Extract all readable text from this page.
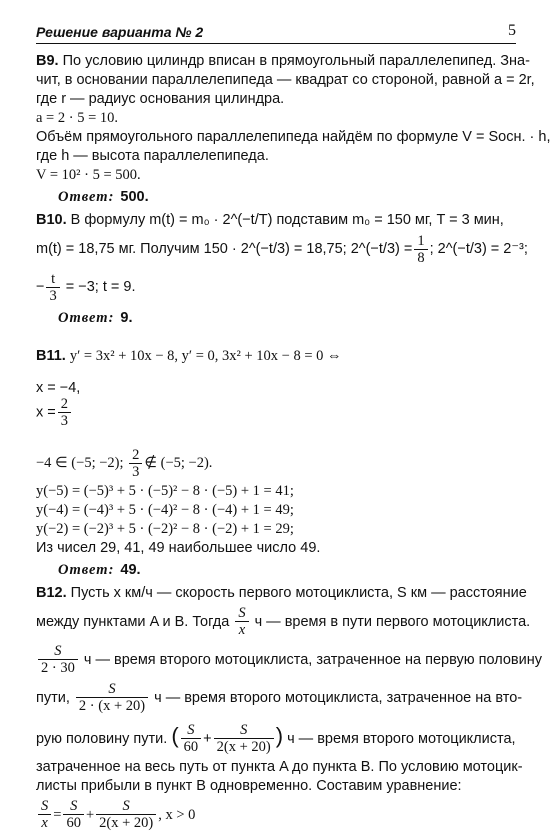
Решение варианта № 2	5

В9. По условию цилиндр вписан в прямоугольный параллелепипед. Зна-

чит, в основании параллелепипеда — квадрат со стороной, равной a = 2r,

где r — радиус основания цилиндра.

a = 2 · 5 = 10.

Объём прямоугольного параллелепипеда найдём по формуле V = Sосн. · h,

где h — высота параллелепипеда.

V = 10² · 5 = 500.

Ответ: 500.

В10. В формулу m(t) = m₀ · 2^(−t/T) подставим m₀ = 150 мг, T = 3 мин,

m(t) = 18,75 мг. Получим 150 · 2^(−t/3) = 18,75; 2^(−t/3) = $\frac{1}{8}$ ; 2^(−t/3) = 2⁻³;

− $\frac{t}{3} = -3$; t = 9.

Ответ: 9.

В11. y′ = 3x² + 10x − 8, y′ = 0, 3x² + 10x − 8 = 0 ⇔

x = −4,
$x = \frac{2}{3}$

−4 ∈ (−5; −2); $\frac{2}{3}$ ∉ (−5; −2).

y(−5) = (−5)³ + 5 · (−5)² − 8 · (−5) + 1 = 41;

y(−4) = (−4)³ + 5 · (−4)² − 8 · (−4) + 1 = 49;

y(−2) = (−2)³ + 5 · (−2)² − 8 · (−2) + 1 = 29;

Из чисел 29, 41, 49 наибольшее число 49.

Ответ: 49.

В12. Пусть x км/ч — скорость первого мотоциклиста, S км — расстояние

между пунктами A и B. Тогда $\frac{S}{x}$ ч — время в пути первого мотоциклиста.

$\frac{S}{2 \cdot 30}$ ч — время второго мотоциклиста, затраченное на первую половину

пути, $\frac{S}{2 \cdot (x + 20)}$ ч — время второго мотоциклиста, затраченное на вто-

рую половину пути. ( $\frac{S}{60} + \frac{S}{2(x + 20)}$ ) ч — время второго мотоциклиста,

затраченное на весь путь от пункта A до пункта B. По условию мотоцик-

листы прибыли в пункт B одновременно. Составим уравнение:

$\frac{S}{x} = \frac{S}{60} + \frac{S}{2(x + 20)}$ , x > 0
